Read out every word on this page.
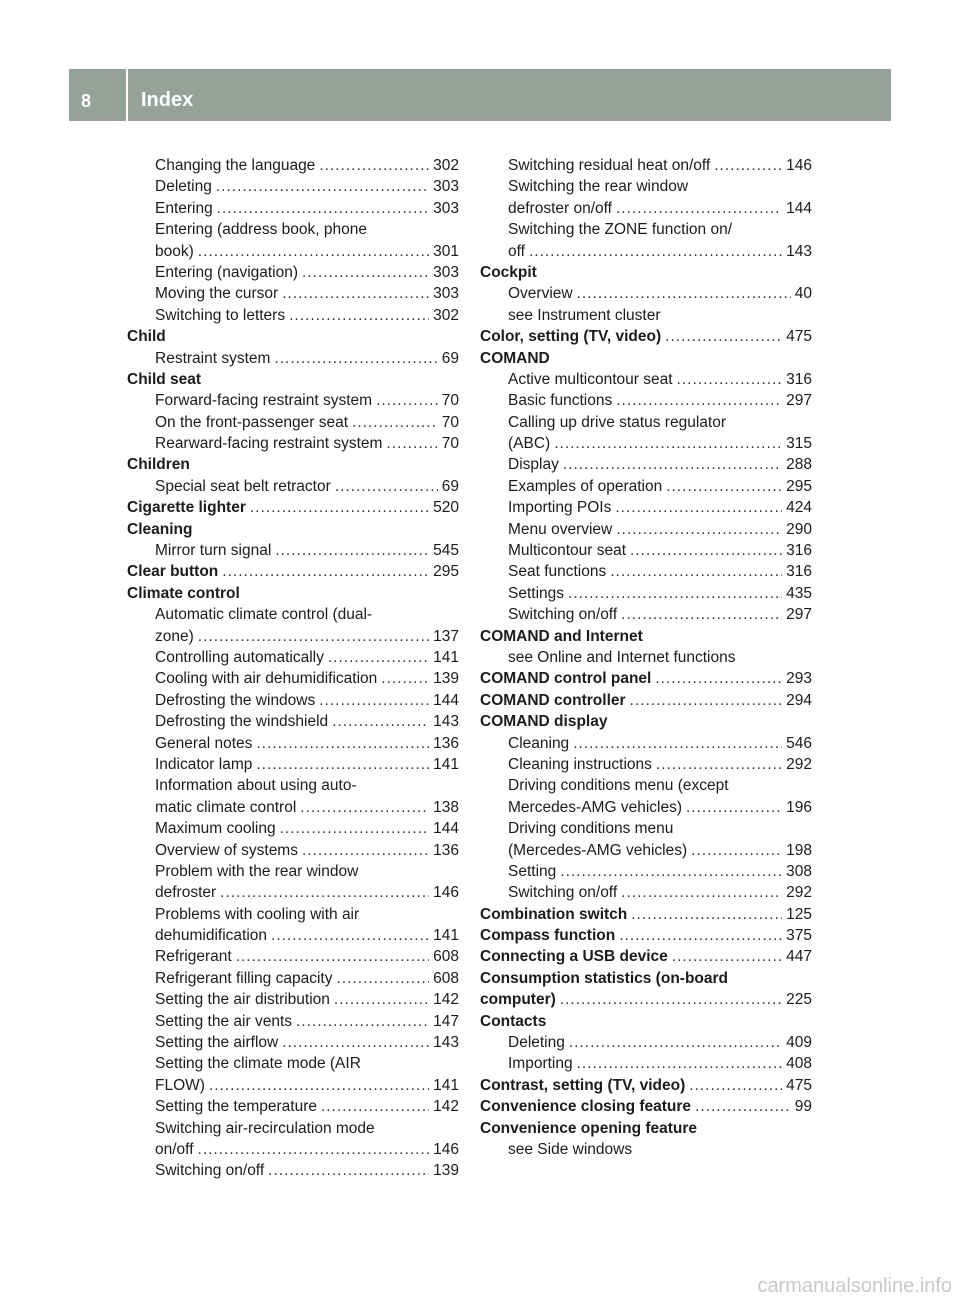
8 Index
Changing the language .....	302
Deleting .....	303
Entering .....	303
Entering (address book, phone
book) .....	301
Entering (navigation) .....	303
Moving the cursor .....	303
Switching to letters .....	302
Child
Restraint system .....	69
Child seat
Forward-facing restraint system .....	70
On the front-passenger seat .....	70
Rearward-facing restraint system .....	70
Children
Special seat belt retractor .....	69
Cigarette lighter .....	520
Cleaning
Mirror turn signal .....	545
Clear button .....	295
Climate control
Automatic climate control (dual-
zone) .....	137
Controlling automatically .....	141
Cooling with air dehumidification .....	139
Defrosting the windows .....	144
Defrosting the windshield .....	143
General notes .....	136
Indicator lamp .....	141
Information about using auto-
matic climate control .....	138
Maximum cooling .....	144
Overview of systems .....	136
Problem with the rear window
defroster .....	146
Problems with cooling with air
dehumidification .....	141
Refrigerant .....	608
Refrigerant filling capacity .....	608
Setting the air distribution .....	142
Setting the air vents .....	147
Setting the airflow .....	143
Setting the climate mode (AIR
FLOW) .....	141
Setting the temperature .....	142
Switching air-recirculation mode
on/off .....	146
Switching on/off .....	139
Switching residual heat on/off .....	146
Switching the rear window
defroster on/off .....	144
Switching the ZONE function on/
off .....	143
Cockpit
Overview .....	40
see Instrument cluster
Color, setting (TV, video) .....	475
COMAND
Active multicontour seat .....	316
Basic functions .....	297
Calling up drive status regulator
(ABC) .....	315
Display .....	288
Examples of operation .....	295
Importing POIs .....	424
Menu overview .....	290
Multicontour seat .....	316
Seat functions .....	316
Settings .....	435
Switching on/off .....	297
COMAND and Internet
see Online and Internet functions
COMAND control panel .....	293
COMAND controller .....	294
COMAND display
Cleaning .....	546
Cleaning instructions .....	292
Driving conditions menu (except
Mercedes-AMG vehicles) .....	196
Driving conditions menu
(Mercedes-AMG vehicles) .....	198
Setting .....	308
Switching on/off .....	292
Combination switch .....	125
Compass function .....	375
Connecting a USB device .....	447
Consumption statistics (on-board
computer) .....	225
Contacts
Deleting .....	409
Importing .....	408
Contrast, setting (TV, video) .....	475
Convenience closing feature .....	99
Convenience opening feature
see Side windows
carmanualsonline.info
